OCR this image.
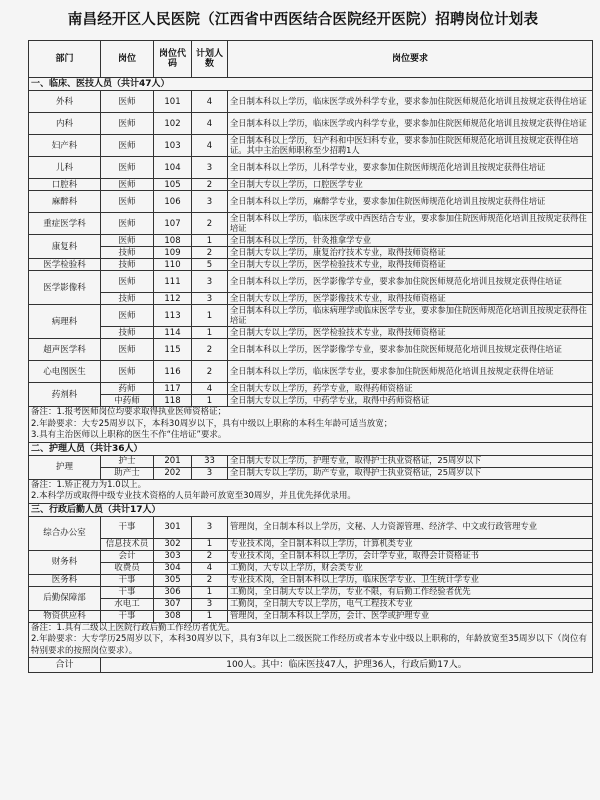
南昌经开区人民医院（江西省中西医结合医院经开医院）招聘岗位计划表
部门	岗位	岗位代码	计划人数	岗位要求
一、临床、医技人员（共计47人）				
外科	医师	101	4	全日制本科以上学历，临床医学或外科学专业，要求参加住院医师规范化培训且按规定获得住培证
内科	医师	102	4	全日制本科以上学历，临床医学或内科学专业，要求参加住院医师规范化培训且按规定获得住培证
妇产科	医师	103	4	全日制本科以上学历，妇产科和中医妇科专业，要求参加住院医师规范化培训且按规定获得住培证。其中主治医师职称至少招聘1人
儿科	医师	104	3	全日制本科以上学历，儿科学专业，要求参加住院医师规范化培训且按规定获得住培证
口腔科	医师	105	2	全日制大专以上学历，口腔医学专业
麻醉科	医师	106	3	全日制本科以上学历，麻醉学专业，要求参加住院医师规范化培训且按规定获得住培证
重症医学科	医师	107	2	全日制本科以上学历，临床医学或中西医结合专业，要求参加住院医师规范化培训且按规定获得住培证
康复科	医师	108	1	全日制本科以上学历，针灸推拿学专业
	技师	109	2	全日制大专以上学历，康复治疗技术专业，取得技师资格证
医学检验科	技师	110	5	全日制大专以上学历，医学检验技术专业，取得技师资格证
医学影像科	医师	111	3	全日制本科以上学历，医学影像学专业，要求参加住院医师规范化培训且按规定获得住培证
	技师	112	3	全日制大专以上学历，医学影像技术专业，取得技师资格证
病理科	医师	113	1	全日制本科以上学历，临床病理学或临床医学专业，要求参加住院医师规范化培训且按规定获得住培证
	技师	114	1	全日制大专以上学历，医学检验技术专业，取得技师资格证
超声医学科	医师	115	2	全日制本科以上学历，医学影像学专业，要求参加住院医师规范化培训且按规定获得住培证
心电图医生	医师	116	2	全日制本科以上学历，临床医学专业，要求参加住院医师规范化培训且按规定获得住培证
药剂科	药师	117	4	全日制大专以上学历，药学专业，取得药师资格证
	中药师	118	1	全日制大专以上学历，中药学专业，取得中药师资格证

备注：1.报考医师岗位均要求取得执业医师资格证；
2.年龄要求：大专25周岁以下，本科30周岁以下，具有中级以上职称的本科生年龄可适当放宽；
3.具有主治医师以上职称的医生不作“住培证”要求。				

二、护理人员（共计36人）				
护理	护士	201	33	全日制大专以上学历，护理专业，取得护士执业资格证，25周岁以下
	助产士	202	3	全日制大专以上学历，助产专业，取得护士执业资格证，25周岁以下

备注：1.矫正视力为1.0以上。
2.本科学历或取得中级专业技术资格的人员年龄可放宽至30周岁，并且优先择优录用。				

三、行政后勤人员（共计17人）				
综合办公室	干事	301	3	管理岗，全日制本科以上学历，文秘、人力资源管理、经济学、中文或行政管理专业
	信息技术员	302	1	专业技术岗，全日制本科以上学历，计算机类专业
财务科	会计	303	2	专业技术岗，全日制本科以上学历，会计学专业，取得会计资格证书
	收费员	304	4	工勤岗，大专以上学历，财会类专业
医务科	干事	305	2	专业技术岗，全日制本科以上学历，临床医学专业、卫生统计学专业
后勤保障部	干事	306	1	工勤岗，全日制大专以上学历，专业不限，有后勤工作经验者优先
	水电工	307	3	工勤岗，全日制大专以上学历，电气工程技术专业
物资供应科	干事	308	1	管理岗，全日制本科以上学历，会计、医学或护理专业

备注：1.具有二级以上医院行政后勤工作经历者优先。
2.年龄要求：大专学历25周岁以下，本科30周岁以下，具有3年以上二级医院工作经历或者本专业中级以上职称的，年龄放宽至35周岁以下（岗位有特别要求的按照岗位要求）。				

合计	100人。其中：临床医技47人，护理36人，行政后勤17人。			
